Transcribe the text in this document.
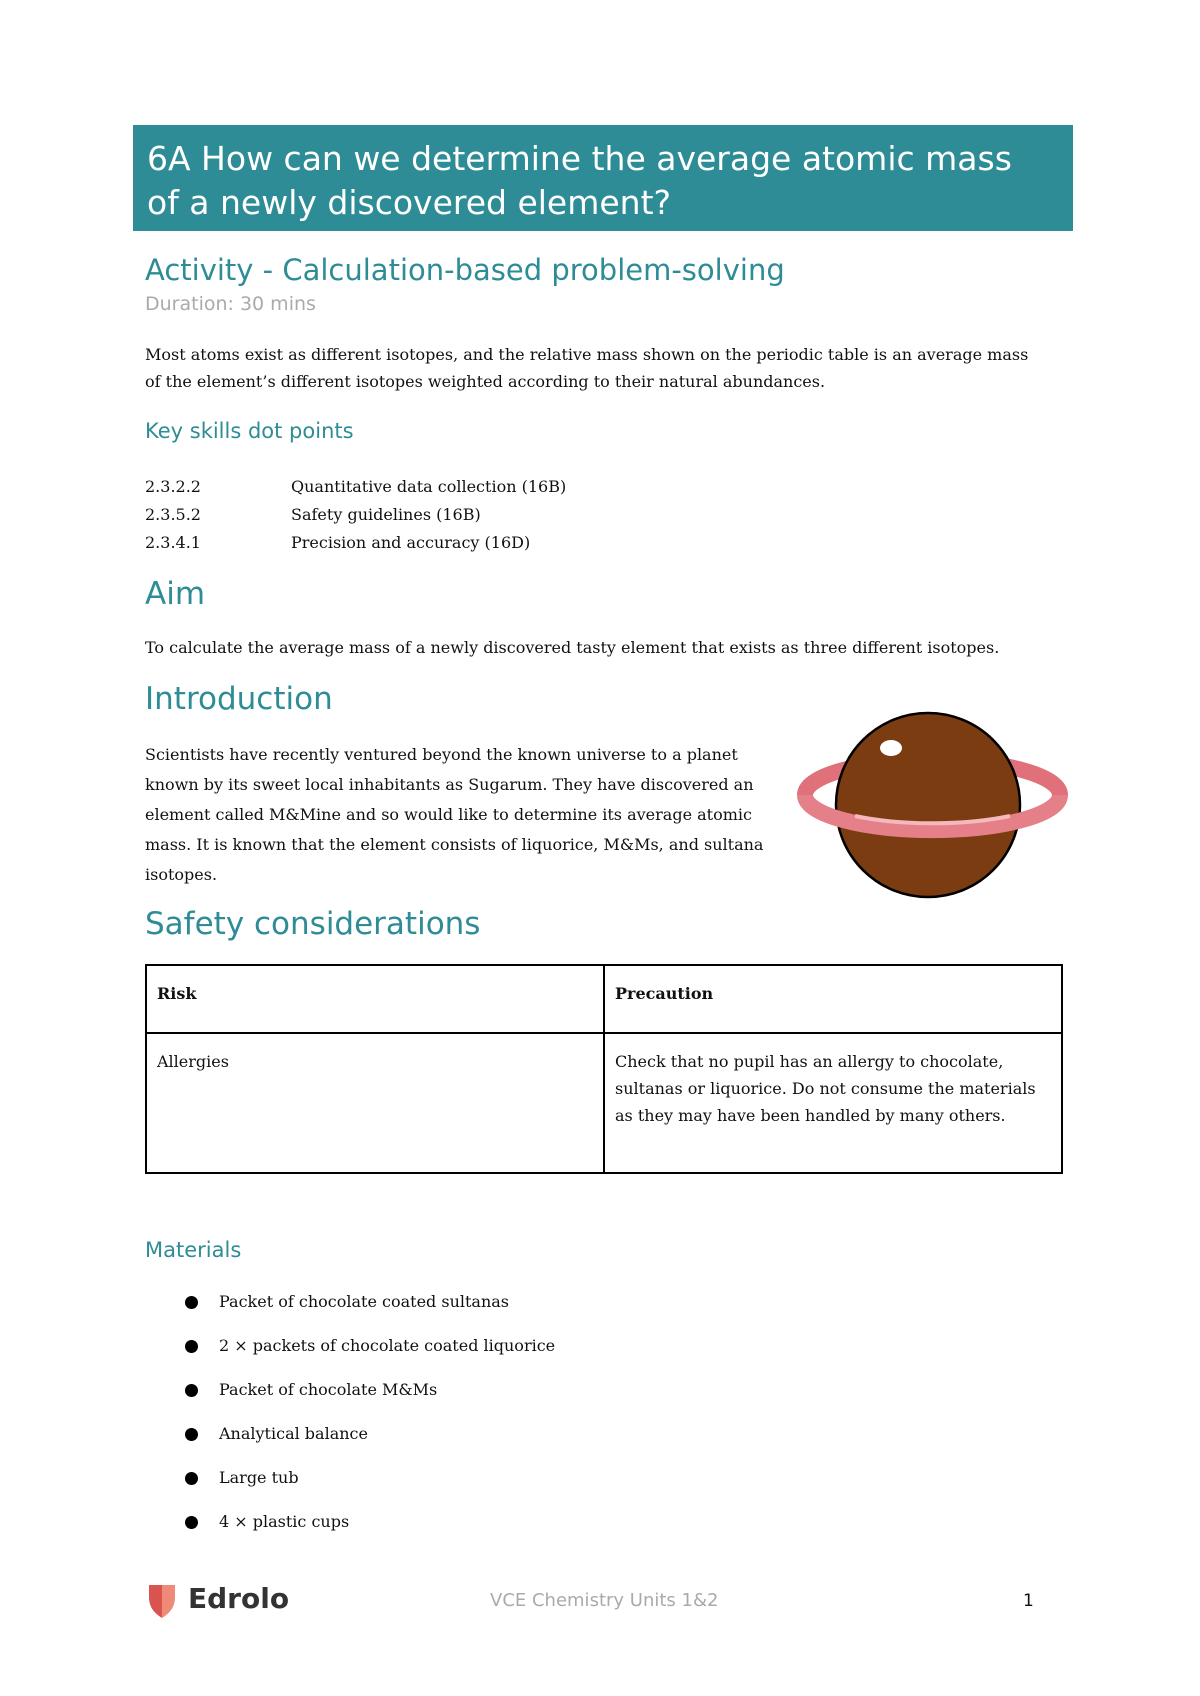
6A How can we determine the average atomic mass
of a newly discovered element?
Activity - Calculation-based problem-solving
Duration: 30 mins

Most atoms exist as different isotopes, and the relative mass shown on the periodic table is an average mass of the element’s different isotopes weighted according to their natural abundances.

Key skills dot points
2.3.2.2	Quantitative data collection (16B)
2.3.5.2	Safety guidelines (16B)
2.3.4.1	Precision and accuracy (16D)
Aim

To calculate the average mass of a newly discovered tasty element that exists as three different isotopes.

Introduction

Scientists have recently ventured beyond the known universe to a planet known by its sweet local inhabitants as Sugarum. They have discovered an element called M&Mine and so would like to determine its average atomic mass. It is known that the element consists of liquorice, M&Ms, and sultana isotopes.

Safety considerations
Risk	Precaution
Allergies	Check that no pupil has an allergy to chocolate, sultanas or liquorice. Do not consume the materials as they may have been handled by many others.
Materials
Packet of chocolate coated sultanas
2 × packets of chocolate coated liquorice
Packet of chocolate M&Ms
Analytical balance
Large tub
4 × plastic cups
Edrolo	VCE Chemistry Units 1&2	1
